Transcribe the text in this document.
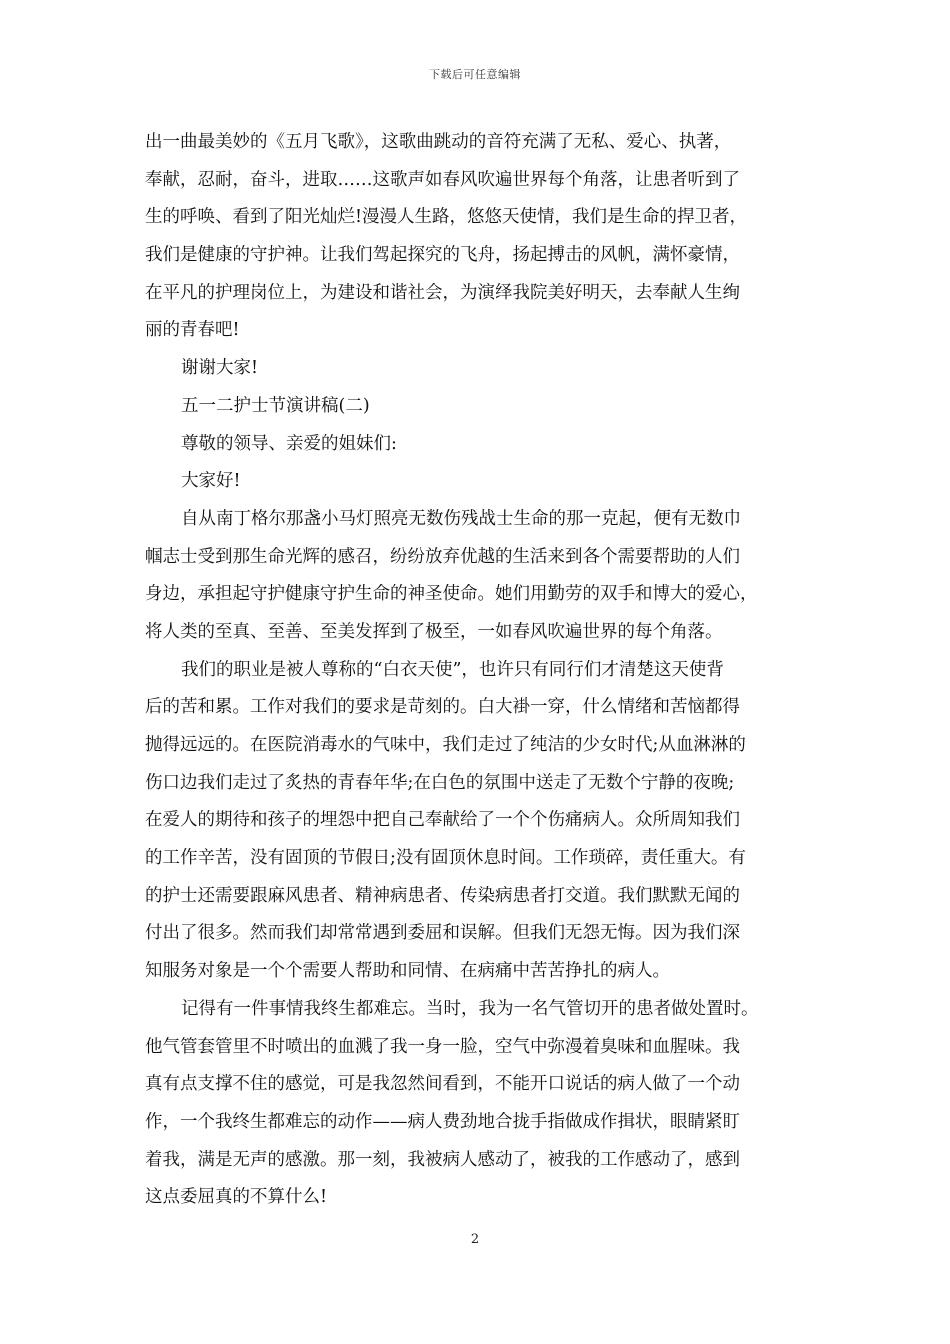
下载后可任意编辑
出一曲最美妙的《五月飞歌》，这歌曲跳动的音符充满了无私、爱心、执著，
奉献，忍耐，奋斗，进取……这歌声如春风吹遍世界每个角落，让患者听到了
生的呼唤、看到了阳光灿烂!漫漫人生路，悠悠天使情，我们是生命的捍卫者，
我们是健康的守护神。让我们驾起探究的飞舟，扬起搏击的风帆，满怀豪情，
在平凡的护理岗位上，为建设和谐社会，为演绎我院美好明天，去奉献人生绚
丽的青春吧!
谢谢大家!
五一二护士节演讲稿(二)
尊敬的领导、亲爱的姐妹们:
大家好!
自从南丁格尔那盏小马灯照亮无数伤残战士生命的那一克起，便有无数巾
帼志士受到那生命光辉的感召，纷纷放弃优越的生活来到各个需要帮助的人们
身边，承担起守护健康守护生命的神圣使命。她们用勤劳的双手和博大的爱心，
将人类的至真、至善、至美发挥到了极至，一如春风吹遍世界的每个角落。
我们的职业是被人尊称的“白衣天使”，也许只有同行们才清楚这天使背
后的苦和累。工作对我们的要求是苛刻的。白大褂一穿，什么情绪和苦恼都得
抛得远远的。在医院消毒水的气味中，我们走过了纯洁的少女时代;从血淋淋的
伤口边我们走过了炙热的青春年华;在白色的氛围中送走了无数个宁静的夜晚;
在爱人的期待和孩子的埋怨中把自己奉献给了一个个伤痛病人。众所周知我们
的工作辛苦，没有固顶的节假日;没有固顶休息时间。工作琐碎，责任重大。有
的护士还需要跟麻风患者、精神病患者、传染病患者打交道。我们默默无闻的
付出了很多。然而我们却常常遇到委屈和误解。但我们无怨无悔。因为我们深
知服务对象是一个个需要人帮助和同情、在病痛中苦苦挣扎的病人。
记得有一件事情我终生都难忘。当时，我为一名气管切开的患者做处置时。
他气管套管里不时喷出的血溅了我一身一脸，空气中弥漫着臭味和血腥味。我
真有点支撑不住的感觉，可是我忽然间看到，不能开口说话的病人做了一个动
作，一个我终生都难忘的动作——病人费劲地合拢手指做成作揖状，眼睛紧盯
着我，满是无声的感激。那一刻，我被病人感动了，被我的工作感动了，感到
这点委屈真的不算什么!
2
